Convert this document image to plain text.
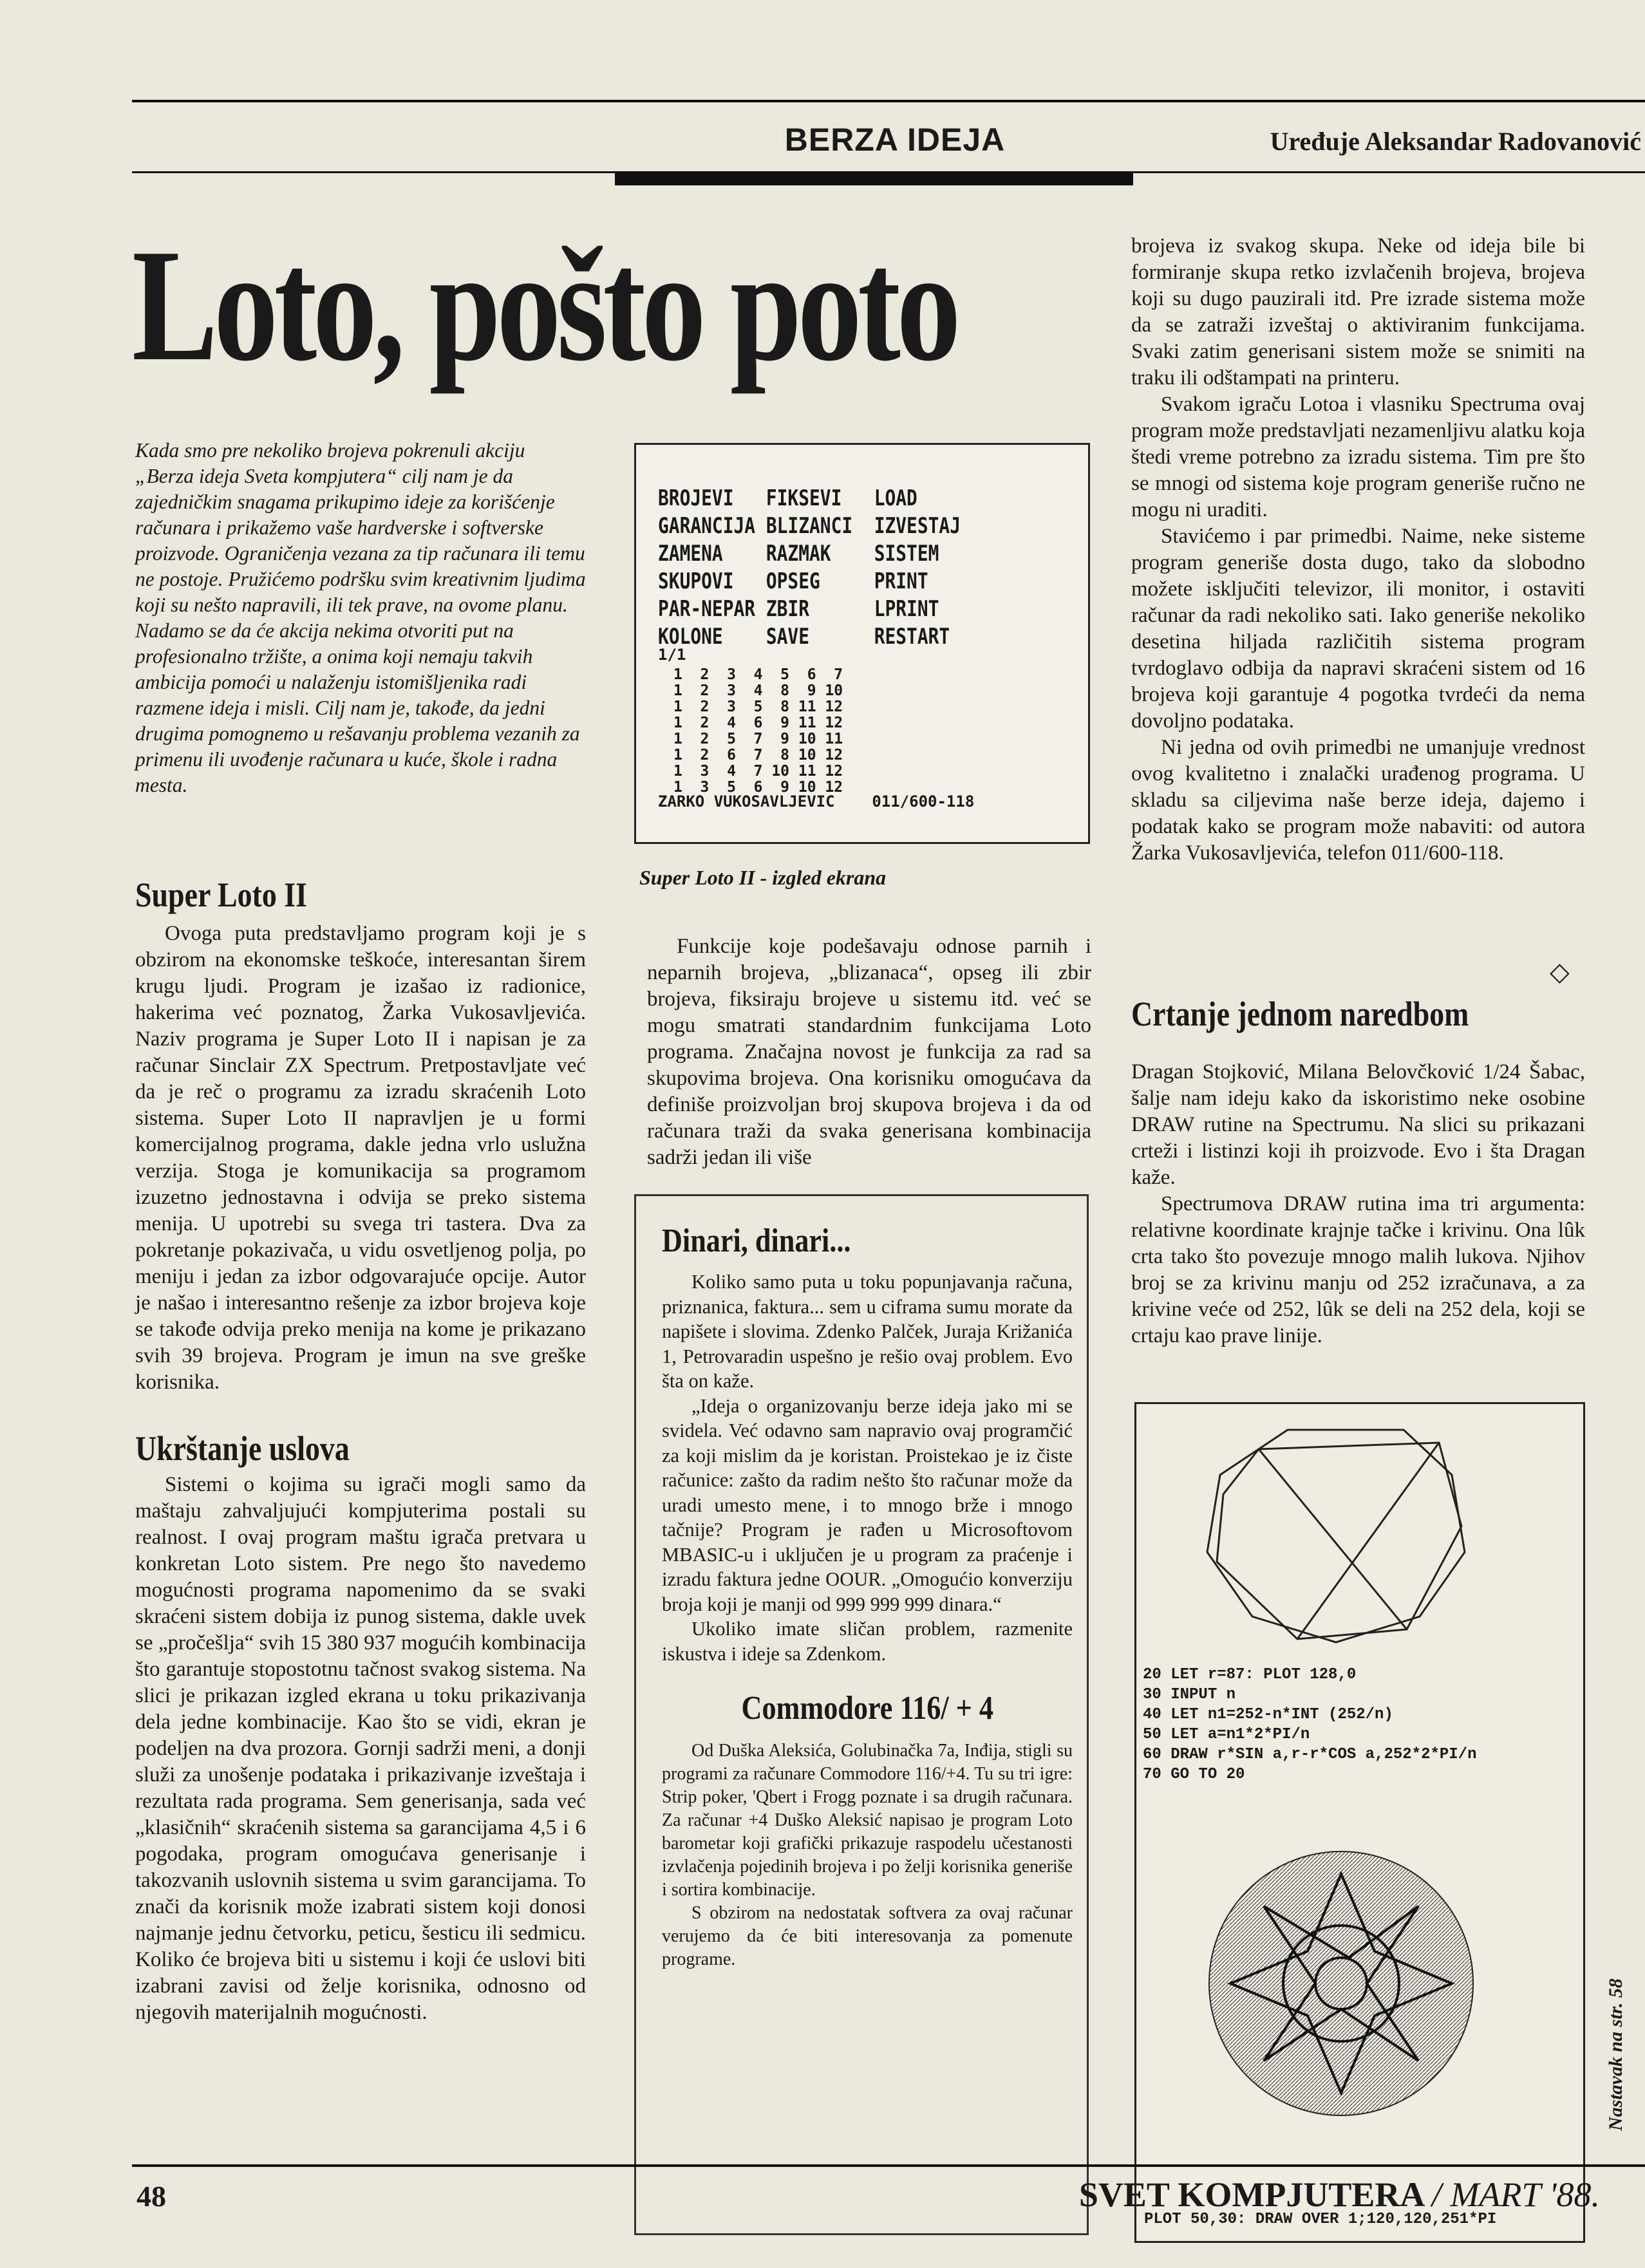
BERZA IDEJA	Uređuje Aleksandar Radovanović
Loto, pošto poto
Kada smo pre nekoliko brojeva pokrenuli akciju „Berza ideja Sveta kompjutera“ cilj nam je da zajedničkim snagama prikupimo ideje za korišćenje računara i prikažemo vaše hardverske i softverske proizvode. Ograničenja vezana za tip računara ili temu ne postoje. Pružićemo podršku svim kreativnim ljudima koji su nešto napravili, ili tek prave, na ovome planu. Nadamo se da će akcija nekima otvoriti put na profesionalno tržište, a onima koji nemaju takvih ambicija pomoći u nalaženju istomišljenika radi razmene ideja i misli. Cilj nam je, takođe, da jedni drugima pomognemo u rešavanju problema vezanih za primenu ili uvođenje računara u kuće, škole i radna mesta.
BROJEVI   FIKSEVI   LOAD
GARANCIJA BLIZANCI  IZVESTAJ
ZAMENA    RAZMAK    SISTEM
SKUPOVI   OPSEG     PRINT
PAR-NEPAR ZBIR      LPRINT
KOLONE    SAVE      RESTART
1/1
1  2  3  4  5  6  7
1  2  3  4  8  9 10
1  2  3  5  8 11 12
1  2  4  6  9 11 12
1  2  5  7  9 10 11
1  2  6  7  8 10 12
1  3  4  7 10 11 12
1  3  5  6  9 10 12
ZARKO VUKOSAVLJEVIC    011/600-118
Super Loto II - izgled ekrana
Super Loto II

Ovoga puta predstavljamo program koji je s obzirom na ekonomske teškoće, interesantan širem krugu ljudi. Program je izašao iz radionice, hakerima već poznatog, Žarka Vukosavljevića. Naziv programa je Super Loto II i napisan je za računar Sinclair ZX Spectrum. Pretpostavljate već da je reč o programu za izradu skraćenih Loto sistema. Super Loto II napravljen je u formi komercijalnog programa, dakle jedna vrlo uslužna verzija. Stoga je komunikacija sa programom izuzetno jednostavna i odvija se preko sistema menija. U upotrebi su svega tri tastera. Dva za pokretanje pokazivača, u vidu osvetljenog polja, po meniju i jedan za izbor odgovarajuće opcije. Autor je našao i interesantno rešenje za izbor brojeva koje se takođe odvija preko menija na kome je prikazano svih 39 brojeva. Program je imun na sve greške korisnika.

Ukrštanje uslova

Sistemi o kojima su igrači mogli samo da maštaju zahvaljujući kompjuterima postali su realnost. I ovaj program maštu igrača pretvara u konkretan Loto sistem. Pre nego što navedemo mogućnosti programa napomenimo da se svaki skraćeni sistem dobija iz punog sistema, dakle uvek se „pročešlja“ svih 15 380 937 mogućih kombinacija što garantuje stopostotnu tačnost svakog sistema. Na slici je prikazan izgled ekrana u toku prikazivanja dela jedne kombinacije. Kao što se vidi, ekran je podeljen na dva prozora. Gornji sadrži meni, a donji služi za unošenje podataka i prikazivanje izveštaja i rezultata rada programa. Sem generisanja, sada već „klasičnih“ skraćenih sistema sa garancijama 4,5 i 6 pogodaka, program omogućava generisanje i takozvanih uslovnih sistema u svim garancijama. To znači da korisnik može izabrati sistem koji donosi najmanje jednu četvorku, peticu, šesticu ili sedmicu. Koliko će brojeva biti u sistemu i koji će uslovi biti izabrani zavisi od želje korisnika, odnosno od njegovih materijalnih mogućnosti.

Funkcije koje podešavaju odnose parnih i neparnih brojeva, „blizanaca“, opseg ili zbir brojeva, fiksiraju brojeve u sistemu itd. već se mogu smatrati standardnim funkcijama Loto programa. Značajna novost je funkcija za rad sa skupovima brojeva. Ona korisniku omogućava da definiše proizvoljan broj skupova brojeva i da od računara traži da svaka generisana kombinacija sadrži jedan ili više

Dinari, dinari...

Koliko samo puta u toku popunjavanja računa, priznanica, faktura... sem u ciframa sumu morate da napišete i slovima. Zdenko Palček, Juraja Križanića 1, Petrovaradin uspešno je rešio ovaj problem. Evo šta on kaže.

„Ideja o organizovanju berze ideja jako mi se svidela. Već odavno sam napravio ovaj programčić za koji mislim da je koristan. Proistekao je iz čiste računice: zašto da radim nešto što računar može da uradi umesto mene, i to mnogo brže i mnogo tačnije? Program je rađen u Microsoftovom MBASIC-u i uključen je u program za praćenje i izradu faktura jedne OOUR. „Omogućio konverziju broja koji je manji od 999 999 999 dinara.“

Ukoliko imate sličan problem, razmenite iskustva i ideje sa Zdenkom.

Commodore 116/ + 4

Od Duška Aleksića, Golubinačka 7a, Inđija, stigli su programi za računare Commodore 116/+4. Tu su tri igre: Strip poker, 'Qbert i Frogg poznate i sa drugih računara. Za računar +4 Duško Aleksić napisao je program Loto barometar koji grafički prikazuje raspodelu učestanosti izvlačenja pojedinih brojeva i po želji korisnika generiše i sortira kombinacije.

S obzirom na nedostatak softvera za ovaj računar verujemo da će biti interesovanja za pomenute programe.

brojeva iz svakog skupa. Neke od ideja bile bi formiranje skupa retko izvlačenih brojeva, brojeva koji su dugo pauzirali itd. Pre izrade sistema može da se zatraži izveštaj o aktiviranim funkcijama. Svaki zatim generisani sistem može se snimiti na traku ili odštampati na printeru.

Svakom igraču Lotoa i vlasniku Spectruma ovaj program može predstavljati nezamenljivu alatku koja štedi vreme potrebno za izradu sistema. Tim pre što se mnogi od sistema koje program generiše ručno ne mogu ni uraditi.

Stavićemo i par primedbi. Naime, neke sisteme program generiše dosta dugo, tako da slobodno možete isključiti televizor, ili monitor, i ostaviti računar da radi nekoliko sati. Iako generiše nekoliko desetina hiljada različitih sistema program tvrdoglavo odbija da napravi skraćeni sistem od 16 brojeva koji garantuje 4 pogotka tvrdeći da nema dovoljno podataka.

Ni jedna od ovih primedbi ne umanjuje vrednost ovog kvalitetno i znalački urađenog programa. U skladu sa ciljevima naše berze ideja, dajemo i podatak kako se program može nabaviti: od autora Žarka Vukosavljevića, telefon 011/600-118.

◇
Crtanje jednom naredbom

Dragan Stojković, Milana Belovčković 1/24 Šabac, šalje nam ideju kako da iskoristimo neke osobine DRAW rutine na Spectrumu. Na slici su prikazani crteži i listinzi koji ih proizvode. Evo i šta Dragan kaže.

Spectrumova DRAW rutina ima tri argumenta: relativne koordinate krajnje tačke i krivinu. Ona lûk crta tako što povezuje mnogo malih lukova. Njihov broj se za krivinu manju od 252 izračunava, a za krivine veće od 252, lûk se deli na 252 dela, koji se crtaju kao prave linije.

20 LET r=87: PLOT 128,0
30 INPUT n
40 LET n1=252-n*INT (252/n)
50 LET a=n1*2*PI/n
60 DRAW r*SIN a,r-r*COS a,252*2*PI/n
70 GO TO 20
PLOT 50,30: DRAW OVER 1;120,120,251*PI
Nastavak na str. 58
48	SVET KOMPJUTERA / MART '88.
